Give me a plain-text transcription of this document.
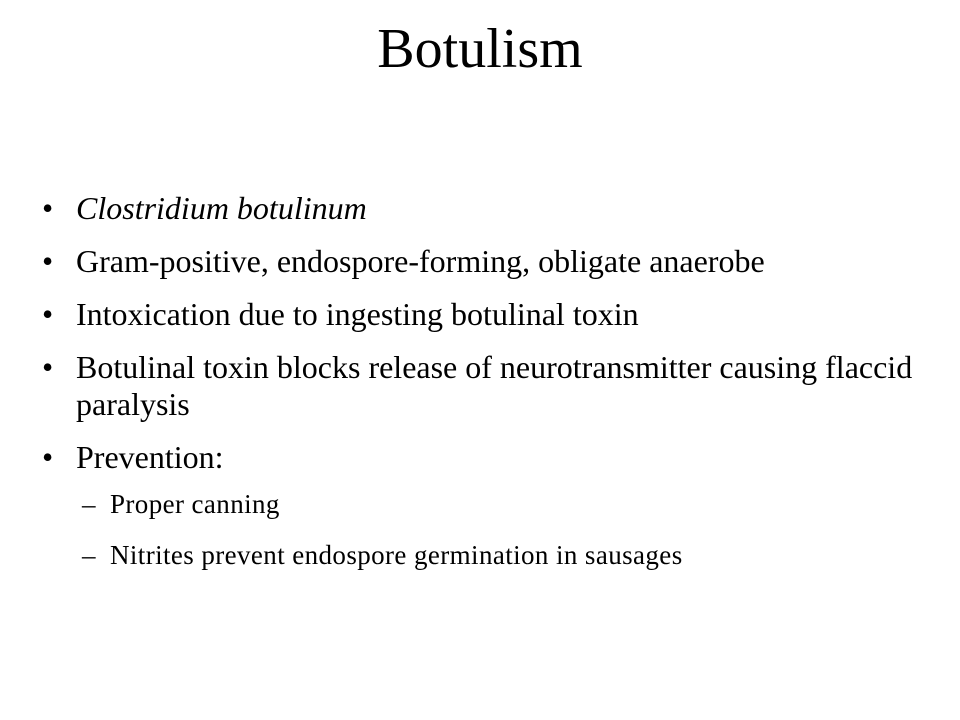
Botulism
• Clostridium botulinum
• Gram-positive, endospore-forming, obligate anaerobe
• Intoxication due to ingesting botulinal toxin
• Botulinal toxin blocks release of neurotransmitter causing flaccid paralysis
• Prevention:
– Proper canning
– Nitrites prevent endospore germination in sausages
